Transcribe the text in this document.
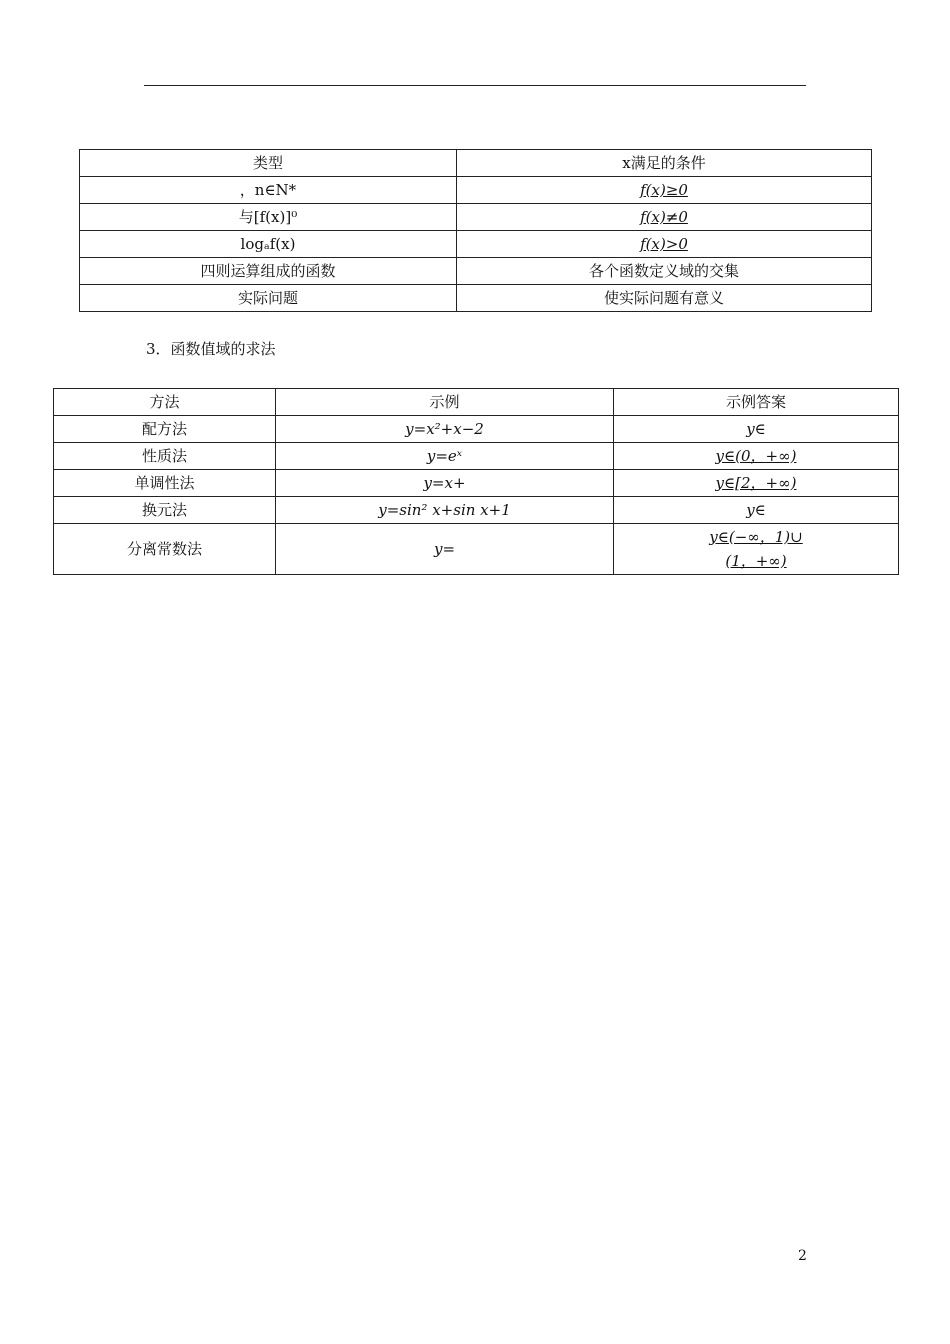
类型	x满足的条件
，n∈N*	f(x)≥0
与[f(x)]⁰	f(x)≠0
logₐf(x)	f(x)>0
四则运算组成的函数	各个函数定义域的交集
实际问题	使实际问题有意义
3．函数值域的求法
方法	示例	示例答案
配方法	y=x²+x−2	y∈
性质法	y=eˣ	y∈(0，+∞)
单调性法	y=x+	y∈[2，+∞)
换元法	y=sin² x+sin x+1	y∈
分离常数法	y=	y∈(−∞，1)∪
(1，+∞)
2
